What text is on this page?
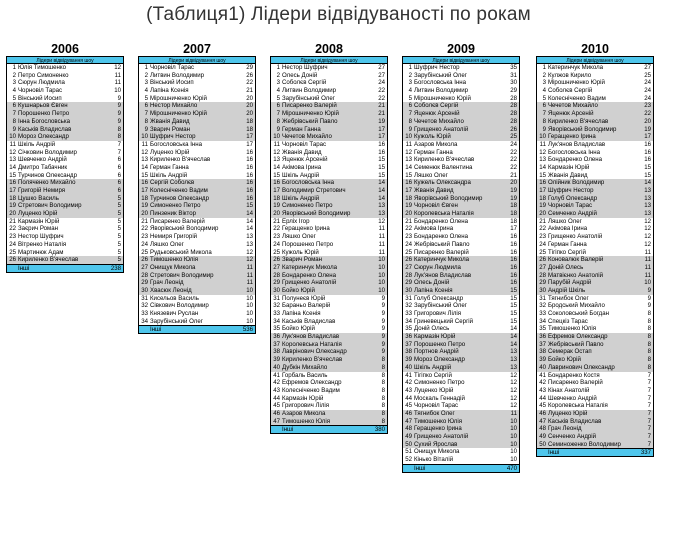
(Таблиця1) Лідери відвідуваності по рокам
2006
Лідери відвідування шоу
1 Юлія Тимошенко	12
2 Петро Симоненко	11
3 Сюрун Людмила	11
4 Чорновіл Тарас	10
5 Вінський Йосип	9
6 Кушнарьов Євген	9
7 Порошенко Петро	9
8 Інна Богословська	9
9 Каськів Владислав	8
10 Мороз Олександр	8
11 Шкіль Андрій	7
12 Січковин Володимир	7
13 Шевченко Андрій	6
14 Дмитро Табачник	6
15 Турчинов Олександр	6
16 Поляченко Михайло	6
17 Григорій Немиря	6
18 Цушко Василь	5
19 Стретович Володимир	5
20 Луценко Юрій	5
21 Кармазін Юрій	5
22 Заєрич Роман	5
23 Нестор Шуфрич	5
24 Вітренко Наталія	5
25 Мартинюк Адам	5
26 Кириленко В'ячеслав	5
Інші	238
2007
Лідери відвідування шоу
1 Чорновіл Тарас	29
2 Литвин Володимир	26
3 Вінський Йосип	22
4 Лапіна Ксенія	21
5 Мірошниченко Юрій	20
6 Нестор Михайло	20
7 Мірошниченко Юрій	20
8 Жванія Давид	18
9 Зварич Роман	18
10 Шуфрич Нестор	17
11 Богословська Інна	17
12 Луценко Юрій	16
13 Кириленко В'ячеслав	16
14 Герман Ганна	16
15 Шкіль Андрій	16
16 Сергій Соболєв	16
17 Колесніченко Вадим	16
18 Турчинов Олександр	16
19 Симоненко Петро	15
20 Пинзеник Віктор	14
21 Писаренко Валерій	14
22 Яворівський Володимир	14
23 Немиря Григорій	13
24 Ляшко Олег	13
25 Рудьковський Микола	12
26 Тимошенко Юлія	12
27 Онищук Микола	11
28 Стретович Володимир	11
29 Грач Леонід	11
30 Хвасюк Леонід	10
31 Кисельов Василь	10
32 Сівкович Володимир	10
33 Князевич Руслан	10
34 Зарубінський Олег	10
Інші	536
2008
Лідери відвідування шоу
1 Нестор Шуфрич	27
2 Олесь Доній	27
3 Соболєв Сергій	24
4 Литвин Володимир	22
5 Зарубінський Олег	22
6 Писаренко Валерій	21
7 Мірошниченко Юрій	21
8 Жебрівський Павло	19
9 Герман Ганна	17
10 Чечетов Михайло	17
11 Чорновіл Тарас	16
12 Жванія Давид	16
13 Яценюк Арсеній	15
14 Акімова Ірина	15
15 Шкіль Андрій	15
16 Богословська Інна	14
17 Володимир Стретович	14
18 Шкіль Андрій	14
19 Симоненко Петро	13
20 Яворівський Володимир	13
21 Ерліх Ігор	12
22 Геращенко Ірина	11
23 Ляшко Олег	11
24 Порошенко Петро	11
25 Кужоль Юрій	11
26 Зварич Роман	10
27 Катеринчук Микола	10
28 Бондаренко Олена	10
29 Грищенко Анатолій	10
30 Бойко Юрій	10
31 Полунеєв Юрій	9
32 Бараньо Валерій	9
33 Лапіна Ксенія	9
34 Каськів Владислав	9
35 Бойко Юрій	9
36 Лук'янов Владислав	9
37 Королевська Наталія	9
38 Лаврінович Олександр	9
39 Кириленко В'ячеслав	8
40 Дубкін Михайло	8
41 Горбаль Василь	8
42 Ефремов Олександр	8
43 Колесніченко Вадим	8
44 Кармазін Юрій	8
45 Григорович Лілія	8
46 Азаров Микола	8
47 Тимошенко Юлія	8
Інші	380
2009
Лідери відвідування шоу
1 Шуфрич Нестор	35
2 Зарубінський Олег	31
3 Богословська Інна	30
4 Литвин Володимир	29
5 Мірошниченко Юрій	28
6 Соболєв Сергій	28
7 Яценюк Арсеній	28
8 Чечетов Михайло	28
9 Грищенко Анатолій	26
10 Кужоль Юрій	25
11 Азаров Микола	24
12 Герман Ганна	22
13 Кириленко В'ячеслав	22
14 Семенюк Валентина	22
15 Ляшко Олег	21
16 Кужель Олександра	20
17 Жванія Давид	19
18 Яворівський Володимир	19
19 Чорновіл Євген	18
20 Королевська Наталія	18
21 Бондаренко Олена	18
22 Акімова Ірина	17
23 Бондаренко Олена	16
24 Жебрівський Павло	16
25 Писаренко Валерій	16
26 Катеринчук Микола	16
27 Сюрун Людмила	16
28 Лук'янов Владислав	16
29 Олесь Доній	16
30 Лапіна Ксенія	15
31 Голуб Олександр	15
32 Зарубінський Олег	15
33 Григорович Лілія	15
34 Гриневецький Сергій	15
35 Доній Олесь	14
36 Кармазін Юрій	14
37 Порошенко Петро	14
38 Портнов Андрій	13
39 Мороз Олександр	13
40 Шкіль Андрій	13
41 Тігіпко Сергій	12
42 Симоненко Петро	12
43 Луценко Юрій	12
44 Москаль Геннадій	12
45 Чорновіл Тарас	12
46 Тягнибок Олег	11
47 Тимошенко Юлія	10
48 Геращенко Ірина	10
49 Грищенко Анатолій	10
50 Сухий Ярослав	10
51 Онищук Микола	10
52 Кінько Віталій	10
Інші	470
2010
Лідери відвідування шоу
1 Катеринчук Микола	27
2 Кулжов Кирило	25
3 Мірошниченко Юрій	24
4 Соболєв Сергій	24
5 Колесніченко Вадим	24
6 Чечетов Михайло	23
7 Яценюк Арсеній	22
8 Кириленко В'ячеслав	20
9 Яворівський Володимир	19
10 Геращенко Ірина	17
11 Лук'янов Владислав	16
12 Богословська Інна	16
13 Бондаренко Олена	16
14 Кармазін Юрій	15
15 Жванія Давид	15
16 Олійник Володимир	14
17 Шуфрич Нестор	13
18 Голуб Олександр	13
19 Чорновіл Тарас	13
20 Семченко Андрій	13
21 Ляшко Олег	12
22 Акімова Ірина	12
23 Грищенко Анатолій	12
24 Герман Ганна	12
25 Тігіпко Сергій	11
26 Коновалюк Валерій	11
27 Доній Олесь	11
28 Матвієнко Анатолій	11
29 Парубій Андрій	10
30 Андрій Шкіль	9
31 Тягнибок Олег	9
32 Бродський Михайло	9
33 Соколовський Богдан	8
34 Спецкіз Тарас	8
35 Тимошенко Юлія	8
36 Ефремов Олександр	8
37 Жебрівський Павло	8
38 Семерак Остап	8
39 Бойко Юрій	8
40 Лавринович Олександр	8
41 Бондаренко Костя	7
42 Писаренко Валерій	7
43 Кінах Анатолій	7
44 Шевченко Андрій	7
45 Королевська Наталія	7
46 Луценко Юрій	7
47 Каськів Владислав	7
48 Грач Леонід	7
49 Сенченко Андрій	7
50 Семиноженко Володимир	7
Інші	337
